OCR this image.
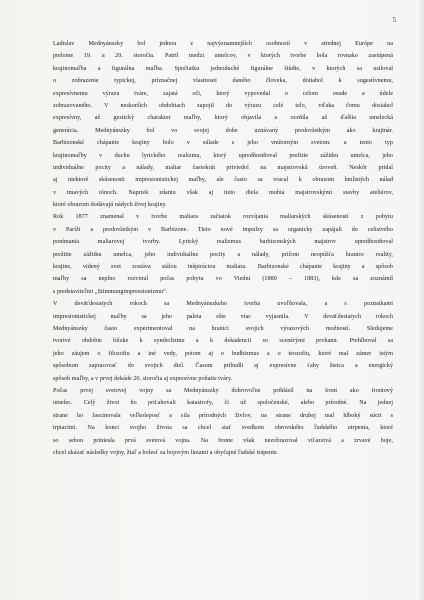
5
Ladislav Mednyánszky bol jednou z najvýznamnejších osobností v strednej Európe na
prelome 19. a 20. storočia. Patril medzi umelcov, v ktorých tvorbe bola rovnako zastúpená
krajinomaľba a figurálna maľba. Spočiatku jednoduché figurálne štúdie, v ktorých sa usiloval
o zobrazenie typickej, príznačnej vlastnosti daného človeka, dotiahol k sugestívnemu,
expresívnemu výrazu tváre, zajatá oči, ktorý vypovedal o celom osude a údele
zobrazovaného. V neskorších obdobiach zapojil do výrazu celé telo, vďaka čomu dosiahol
expresívny, až gestický charakter maľby, ktorý objavila a oceňila až ďalšia umelecká
generácia. Mednyánszky bol vo svojej dobe uznávaný predovšetkým ako krajinár.
Barbizonské chápanie krajiny bolo v súlade s jeho vnútorným svetom: a tento typ
krajinomaľby v duchu lyrického realizmu, ktorý upredňostňoval prežitie zážitku umelca, jeho
individuálne pocity a nálady, maliar častokrát priviedol na majstrovskú úroveň. Neskôr pridal
aj niektoré skúsenosti impresionistickej maľby, ale často sa vracal k obrazom hmlistých nálad
v tmavých tónoch. Napriek zdaniu však aj tieto diela mobia majstrovskými stavby ateliérov,
ktoré obrazom dodávajú nádych živej krajiny.
Rok 1877 znamenal v tvorbe maliara začiatok rozvíjania maliarských skúseností z pobytu
v Paríži a predovšetkým v Barbizone. Tieto nové impulzy sa organicky zapájali do celistvého
ponímania maliarovej tvorby. Lyrický realizmus barbizonských majstrov upredňostňoval
prežitie zážitku umelca, jeho individuálne pocity a nálady, pričom neopúšťa hranice reality,
krajine, videný svet zostáva stálou inšpiráciou maliara. Barbizonské chápanie krajiny a spôsob
maľby sa neplno rozvinul počas pobytu vo Viedni (1880 – 1883), kde sa zoznámil
s predstaviteľmi „Stimmungimpressionizmu“.
V deväťdesiatych rokoch sa Mednyánszkeho tvorba uvoľňovala, a s poznatkami
impresionistickej maľby sa jeho paleta ešte viac vyjasnila. V deväťdesiatych rokoch
Mednyánszky často experimentoval na hranici svojich výrazových možností. Sledujeme
tvorivé obdobie blízke k symbolizmu a k dekadencii so scenérými prvkami. Prehlboval sa
jeho záujem o filozofiu a iné vedy, potom aj o budhizmus a o teozofiu, ktoré mal zámer istým
spôsobom zapracovať do svojich diel. Časom pribudli aj expresívne ťahy štetca a energický
spôsob maľby, a v prvej dekáde 20. storočia aj expresívne poňatie tváry.
Počas prvej svetovej vojny sa Mednyánszky dobrovoľne prihlásil na front ako frontový
umelec. Celý život ho priťahovali katastrofy, či už spoločenské, alebo prírodné. Na jednej
strane ho fascinovala veľkoleposť a sila prírodných živlov, na strane druhej mal hlboký súcit s
trpiacimi. Na konci svojho života sa chcel stať svedkom obrovského ľudského utrpenia, ktoré
so sebou priniesla prvá svetová vojna. Na fronte však nezobrazoval víťazstvá a zrvavé boje,
chcel ukázať následky vojny, žiaľ a bolesť za bojovým líniami a obyčajné ľudské trápenie.
